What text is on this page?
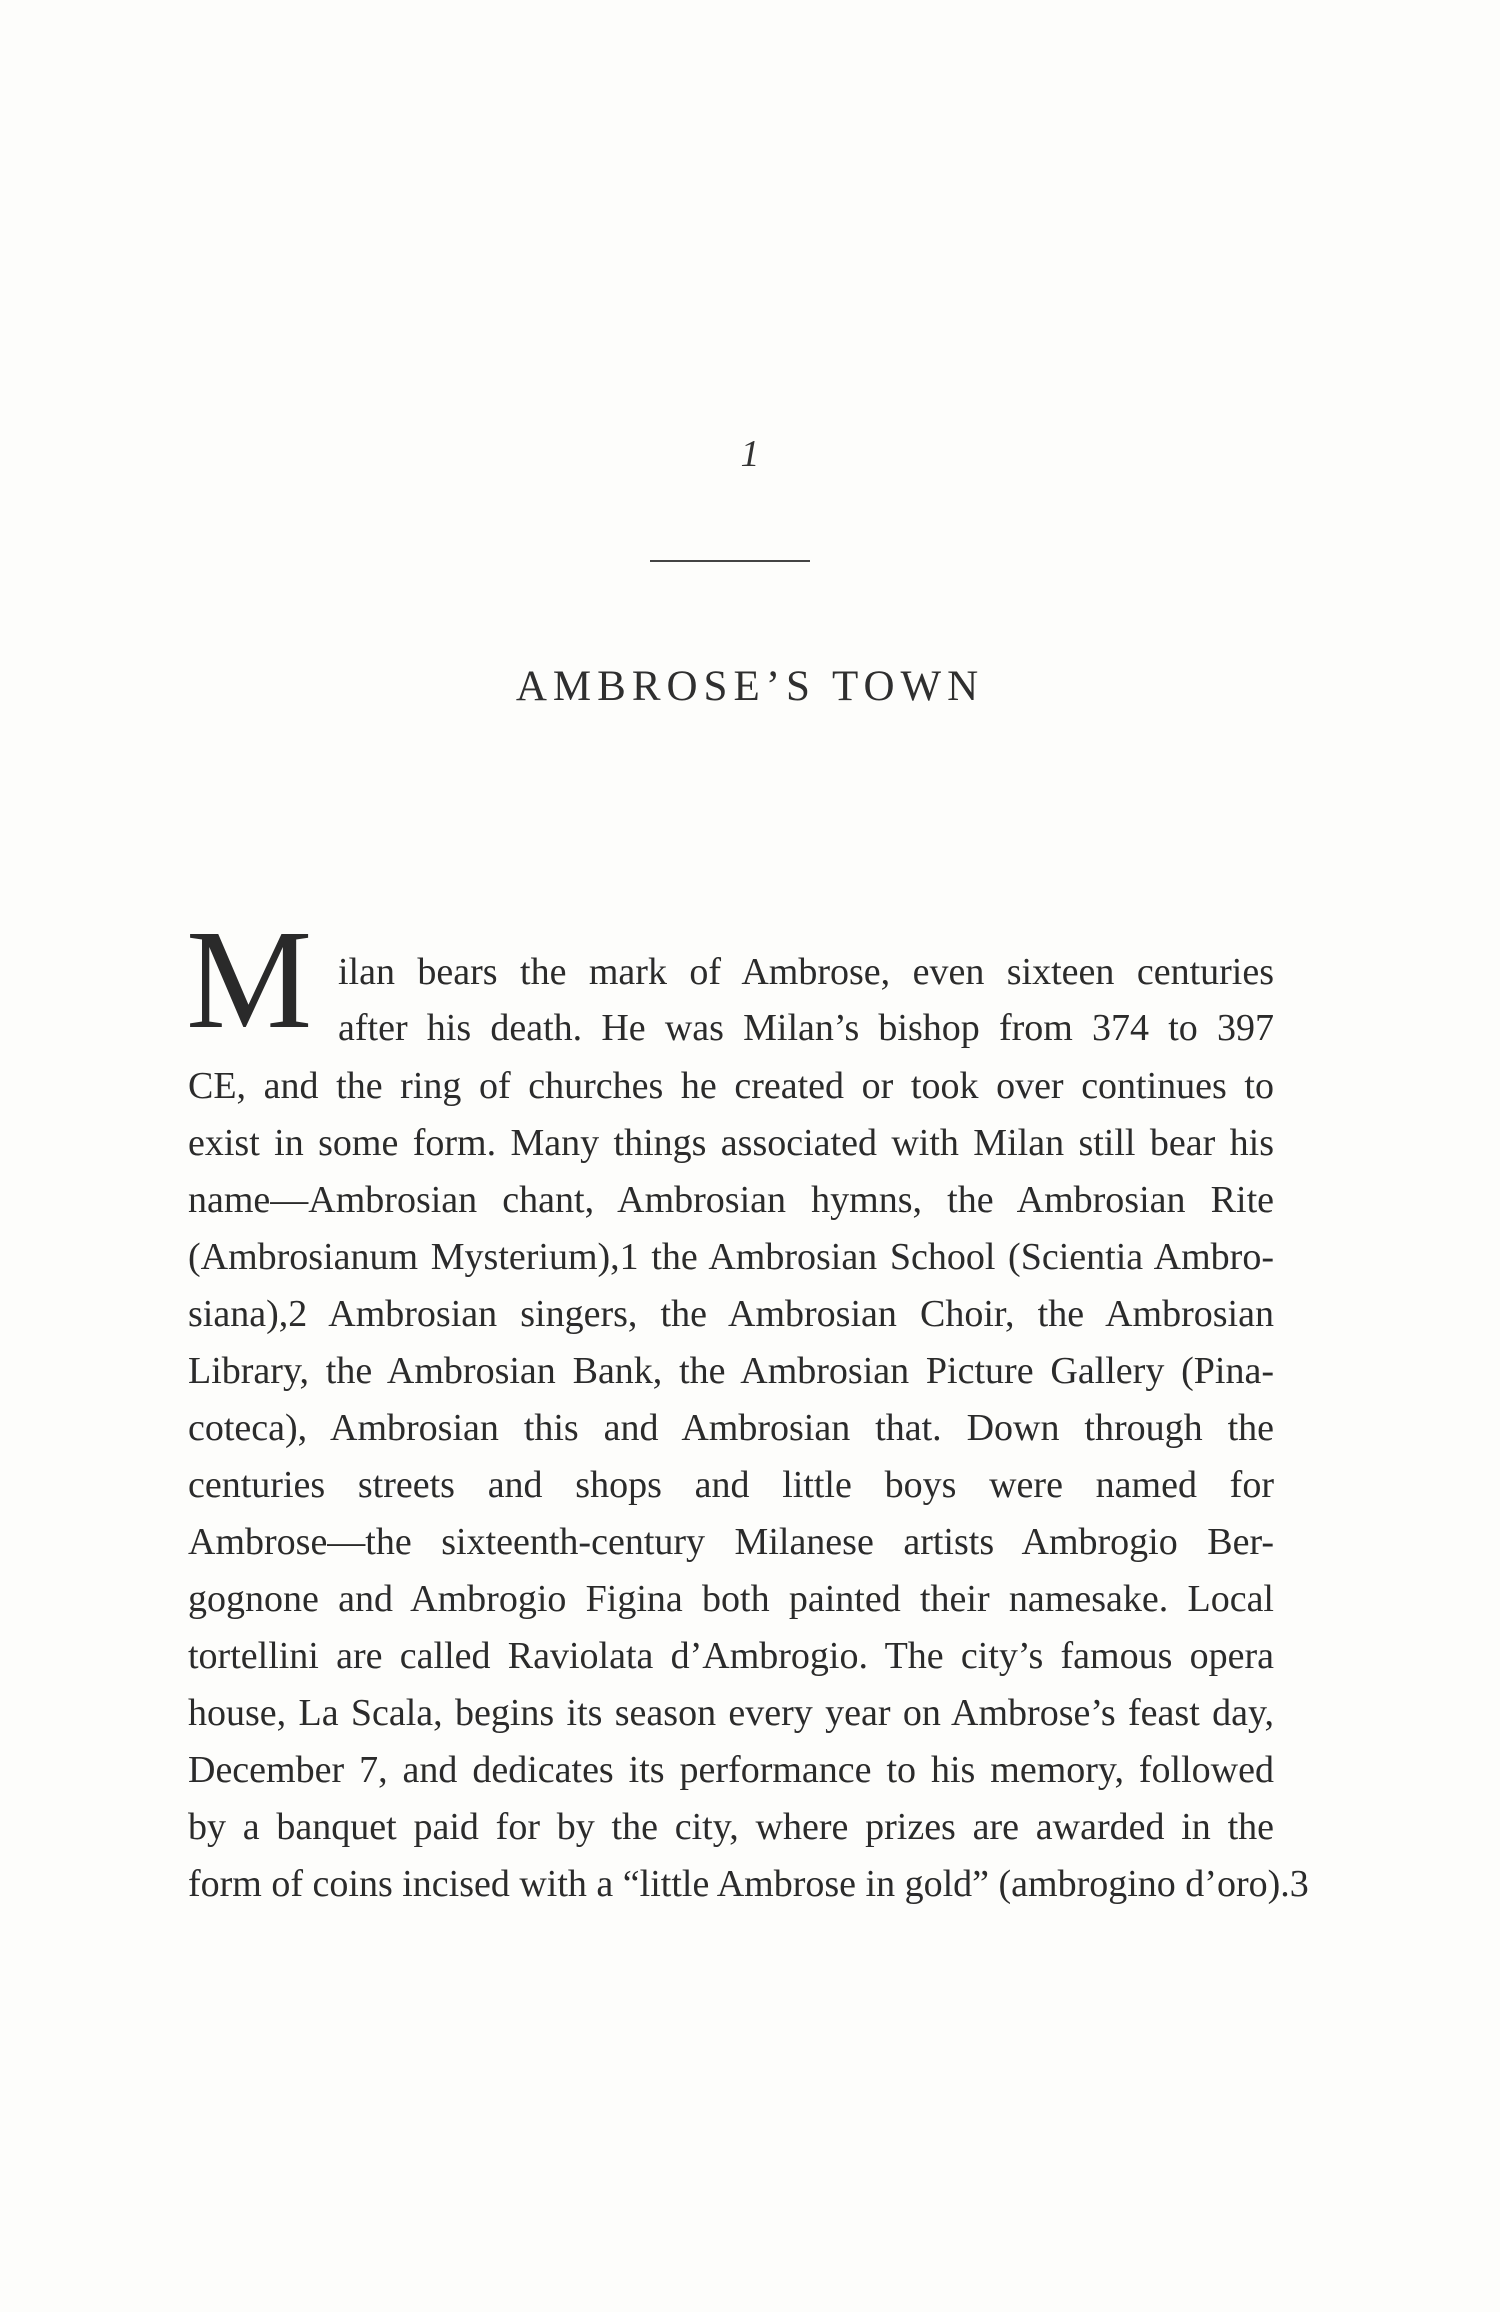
1
AMBROSE’S TOWN
M ilan bears the mark of Ambrose, even sixteen centuries
after his death. He was Milan’s bishop from 374 to 397
CE, and the ring of churches he created or took over continues to
exist in some form. Many things associated with Milan still bear his
name—Ambrosian chant, Ambrosian hymns, the Ambrosian Rite
(Ambrosianum Mysterium),1 the Ambrosian School (Scientia Ambro-
siana),2 Ambrosian singers, the Ambrosian Choir, the Ambrosian
Library, the Ambrosian Bank, the Ambrosian Picture Gallery (Pina-
coteca), Ambrosian this and Ambrosian that. Down through the
centuries streets and shops and little boys were named for
Ambrose—the sixteenth-century Milanese artists Ambrogio Ber-
gognone and Ambrogio Figina both painted their namesake. Local
tortellini are called Raviolata d’Ambrogio. The city’s famous opera
house, La Scala, begins its season every year on Ambrose’s feast day,
December 7, and dedicates its performance to his memory, followed
by a banquet paid for by the city, where prizes are awarded in the
form of coins incised with a “little Ambrose in gold” (ambrogino d’oro).3
